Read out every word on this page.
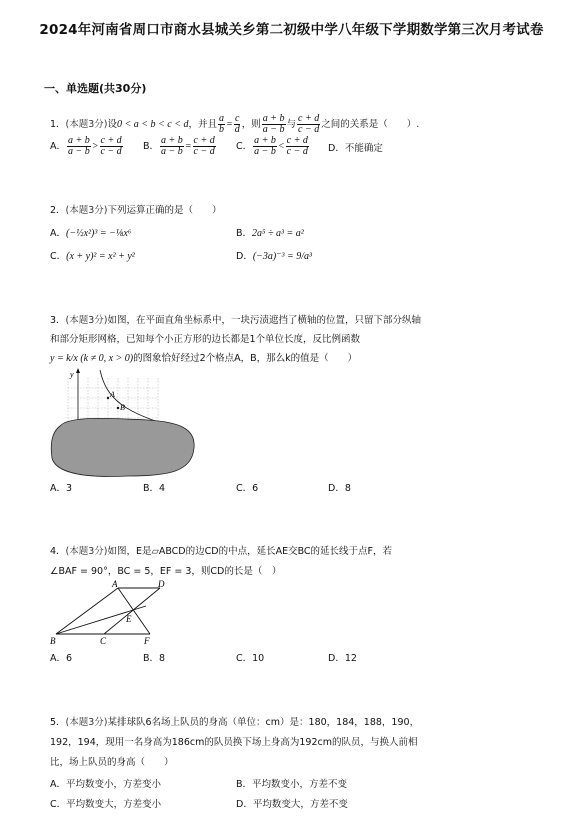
2024年河南省周口市商水县城关乡第二初级中学八年级下学期数学第三次月考试卷
一、单选题(共30分)
1．(本题3分)设0 < a < b < c < d，并且 $\frac{a}{b} = \frac{c}{d}$ ，则 $\frac{a + b}{a - b}$ 与 $\frac{c + d}{c - d}$ 之间的关系是（　　）.
A． $\frac{a + b}{a - b} > \frac{c + d}{c - d}$ B． $\frac{a + b}{a - b} = \frac{c + d}{c - d}$ C． $\frac{a + b}{a - b} < \frac{c + d}{c - d}$ D．不能确定
2．(本题3分)下列运算正确的是（　　）
A．(−½x²)³ = −⅛x⁶	B．2a⁵ ÷ a³ = a²
C．(x + y)² = x² + y²	D．(−3a)⁻³ = 9/a³
3．(本题3分)如图，在平面直角坐标系中，一块污渍遮挡了横轴的位置，只留下部分纵轴
和部分矩形网格，已知每个小正方形的边长都是1个单位长度，反比例函数
y = k/x (k ≠ 0, x > 0)的图象恰好经过2个格点A，B，那么k的值是（　　）
y
A
B
A．3	B．4	C．6	D．8
4．(本题3分)如图，E是▱ABCD的边CD的中点，延长AE交BC的延长线于点F，若
∠BAF = 90°，BC = 5，EF = 3，则CD的长是（　）
A	D
B	C	F
E
A．6	B．8	C．10	D．12
5．(本题3分)某排球队6名场上队员的身高（单位：cm）是：180，184，188，190，
192，194，现用一名身高为186cm的队员换下场上身高为192cm的队员，与换人前相
比，场上队员的身高（　　）
A．平均数变小，方差变小	B．平均数变小，方差不变
C．平均数变大，方差变小	D．平均数变大，方差不变
